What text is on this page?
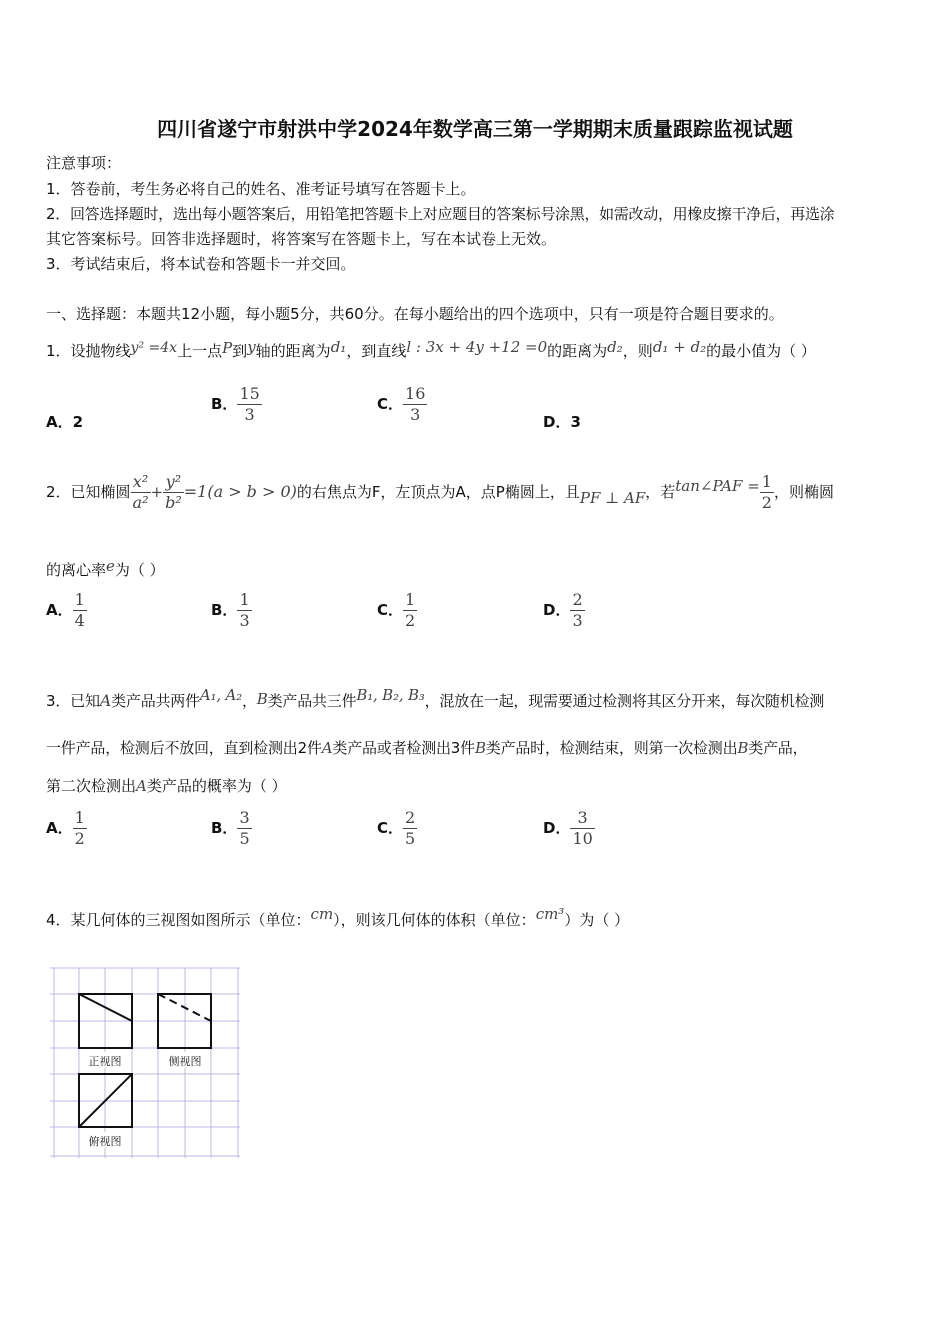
四川省遂宁市射洪中学2024年数学高三第一学期期末质量跟踪监视试题
注意事项：
1．答卷前，考生务必将自己的姓名、准考证号填写在答题卡上。
2．回答选择题时，选出每小题答案后，用铅笔把答题卡上对应题目的答案标号涂黑，如需改动，用橡皮擦干净后，再选涂
其它答案标号。回答非选择题时，将答案写在答题卡上，写在本试卷上无效。
3．考试结束后，将本试卷和答题卡一并交回。
一、选择题：本题共12小题，每小题5分，共60分。在每小题给出的四个选项中，只有一项是符合题目要求的。
1．设抛物线y² =4x上一点P到y轴的距离为d₁，到直线l : 3x + 4y +12 =0的距离为d₂，则d₁ + d₂的最小值为（ ）
A．2
B． $\frac{15}{3}$	C． $\frac{16}{3}$	D．3
2．已知椭圆 $\frac{\text{x²}}{\text{a²}} + \frac{\text{y²}}{\text{b²}} =1(a > b > 0)$的右焦点为F，左顶点为A，点P椭圆上，且PF ⊥ AF，若tan∠PAF = $\frac{1}{2}$ ，则椭圆
的离心率e为（ ）
A． $\frac{1}{4}$	B． $\frac{1}{3}$	C． $\frac{1}{2}$	D． $\frac{2}{3}$
3．已知A类产品共两件A₁, A₂，B类产品共三件B₁, B₂, B₃，混放在一起，现需要通过检测将其区分开来，每次随机检测
一件产品，检测后不放回，直到检测出2件A类产品或者检测出3件B类产品时，检测结束，则第一次检测出B类产品，
第二次检测出A类产品的概率为（ ）
A． $\frac{1}{2}$	B． $\frac{3}{5}$	C． $\frac{2}{5}$	D． $\frac{3}{10}$
4．某几何体的三视图如图所示（单位：cm），则该几何体的体积（单位：cm³）为（ ）
正视图	侧视图
俯视图
